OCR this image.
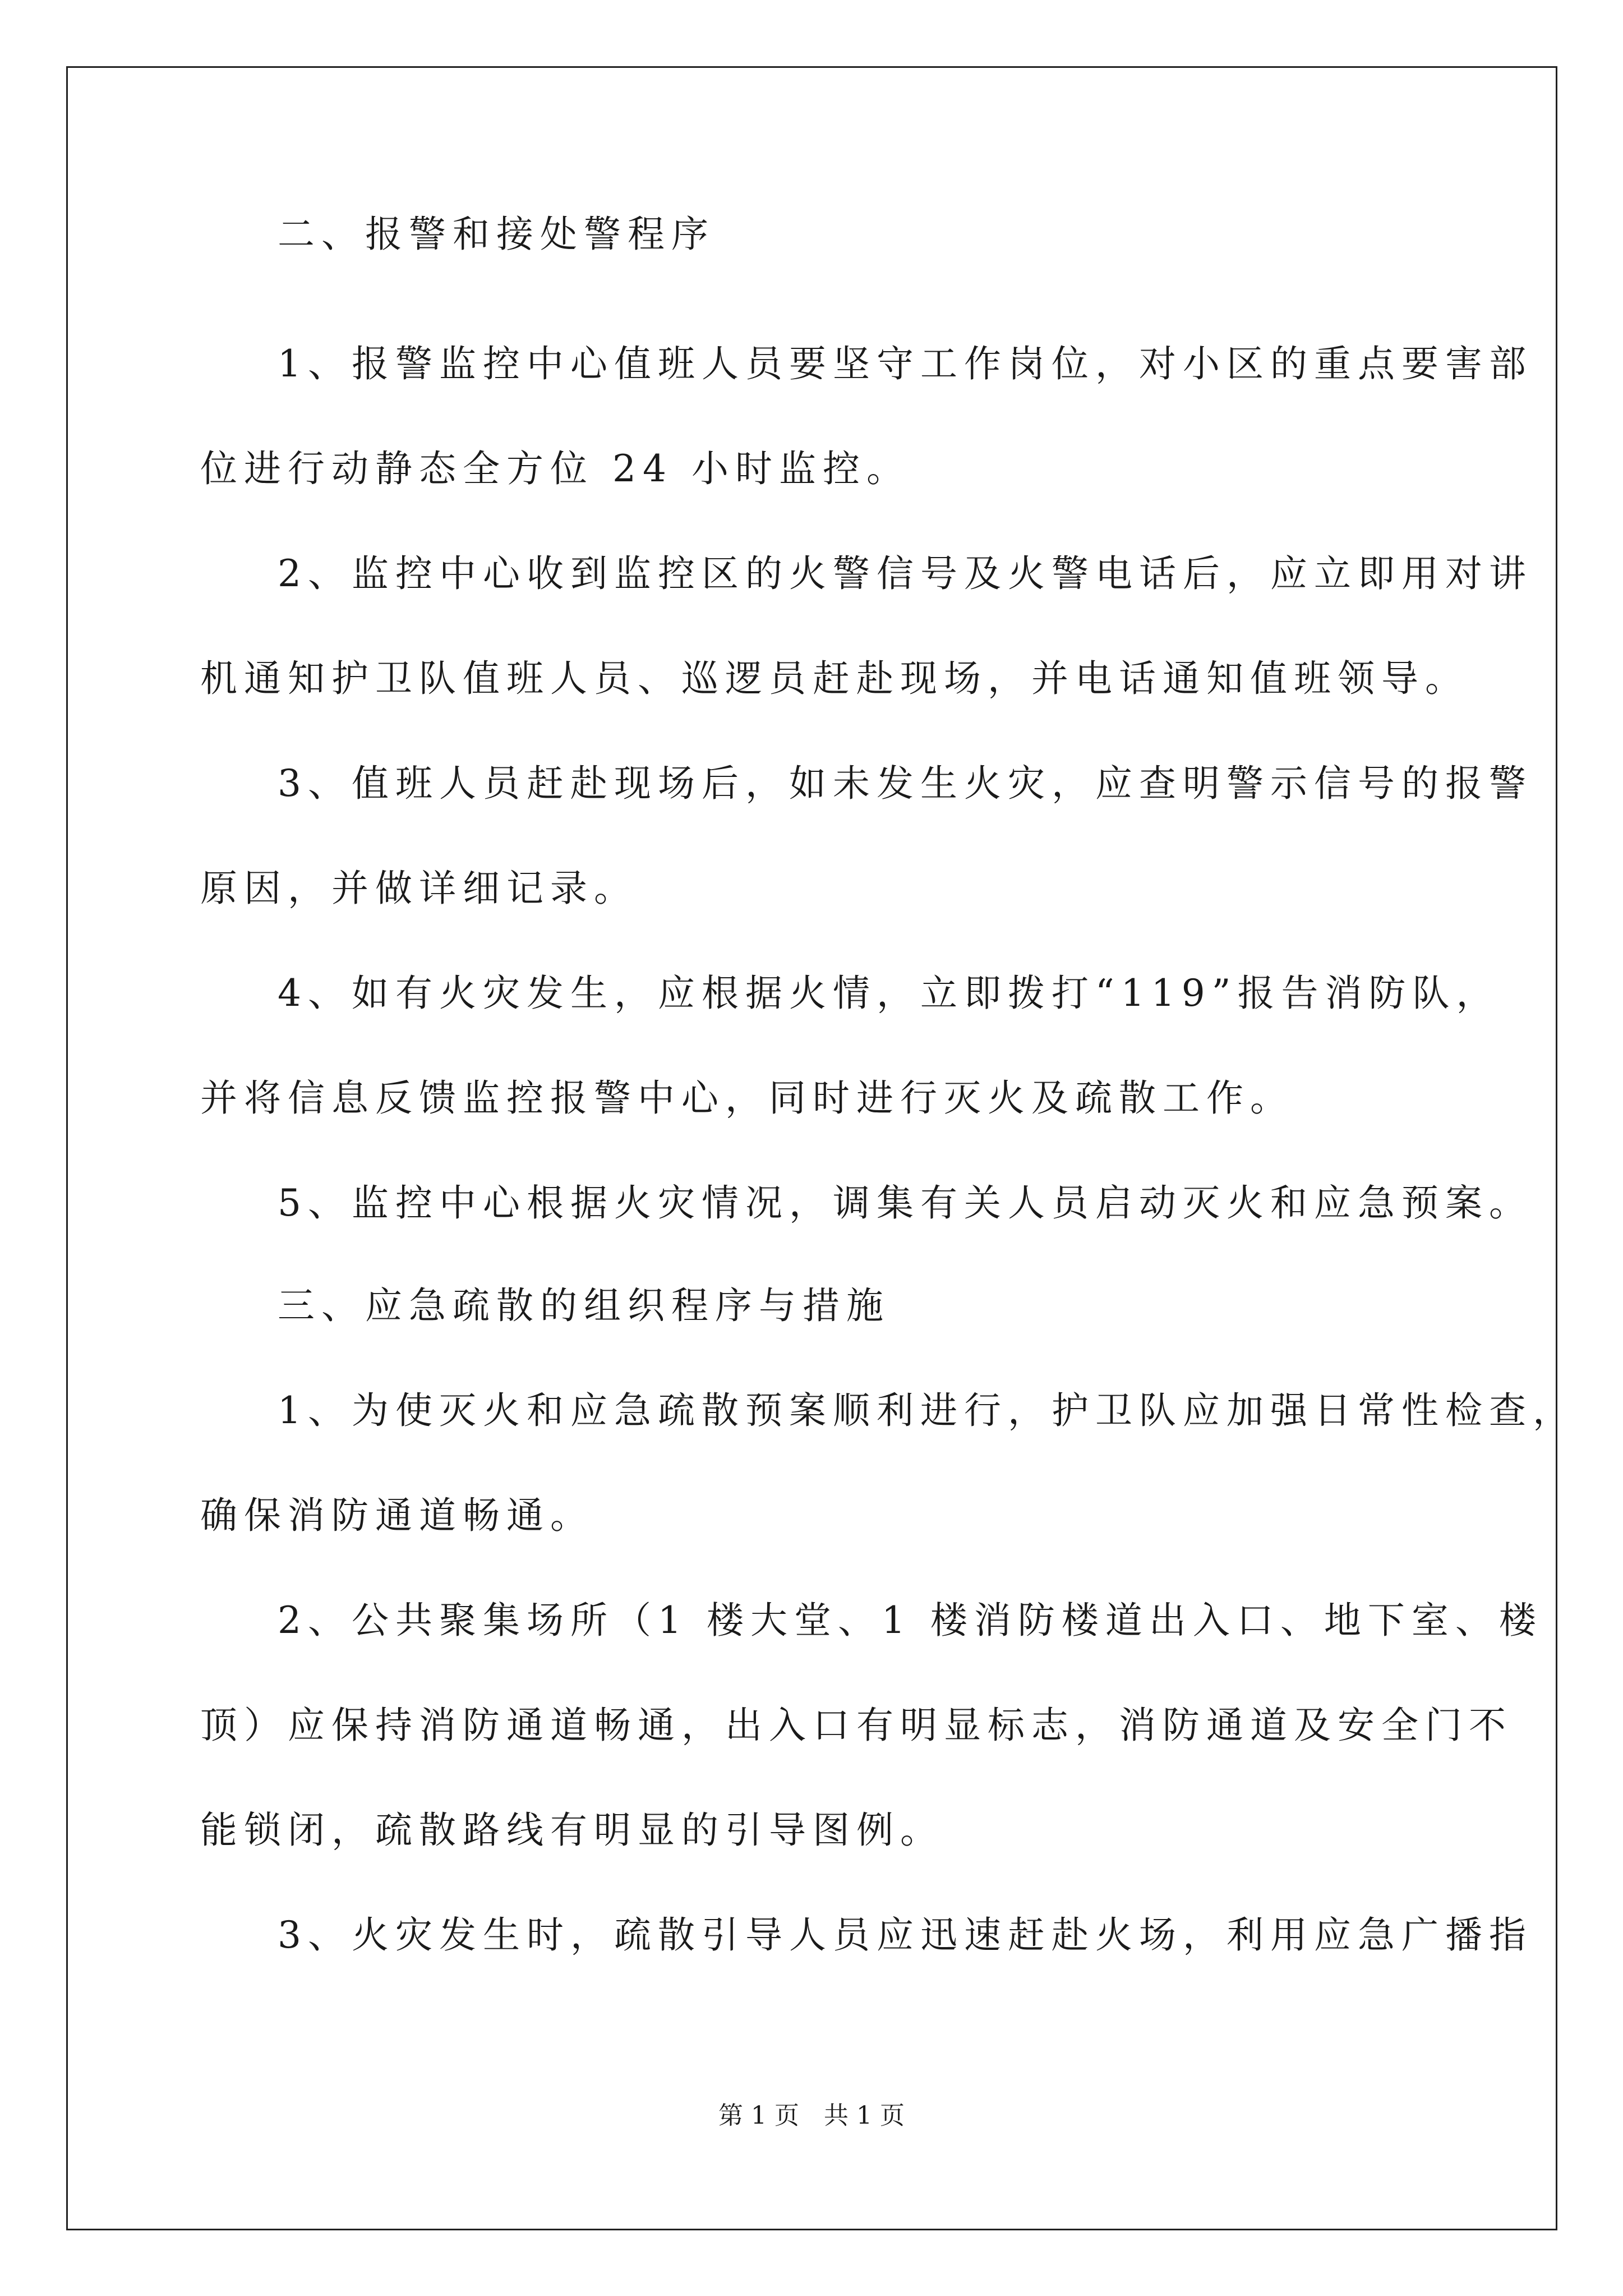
二、报警和接处警程序
1、报警监控中心值班人员要坚守工作岗位，对小区的重点要害部
位进行动静态全方位 24 小时监控。
2、监控中心收到监控区的火警信号及火警电话后，应立即用对讲
机通知护卫队值班人员、巡逻员赶赴现场，并电话通知值班领导。
3、值班人员赶赴现场后，如未发生火灾，应查明警示信号的报警
原因，并做详细记录。
4、如有火灾发生，应根据火情，立即拨打“119”报告消防队，
并将信息反馈监控报警中心，同时进行灭火及疏散工作。
5、监控中心根据火灾情况，调集有关人员启动灭火和应急预案。
三、应急疏散的组织程序与措施
1、为使灭火和应急疏散预案顺利进行，护卫队应加强日常性检查，
确保消防通道畅通。
2、公共聚集场所（1 楼大堂、1 楼消防楼道出入口、地下室、楼
顶）应保持消防通道畅通，出入口有明显标志，消防通道及安全门不
能锁闭，疏散路线有明显的引导图例。
3、火灾发生时，疏散引导人员应迅速赶赴火场，利用应急广播指
第 1 页　共 1 页
